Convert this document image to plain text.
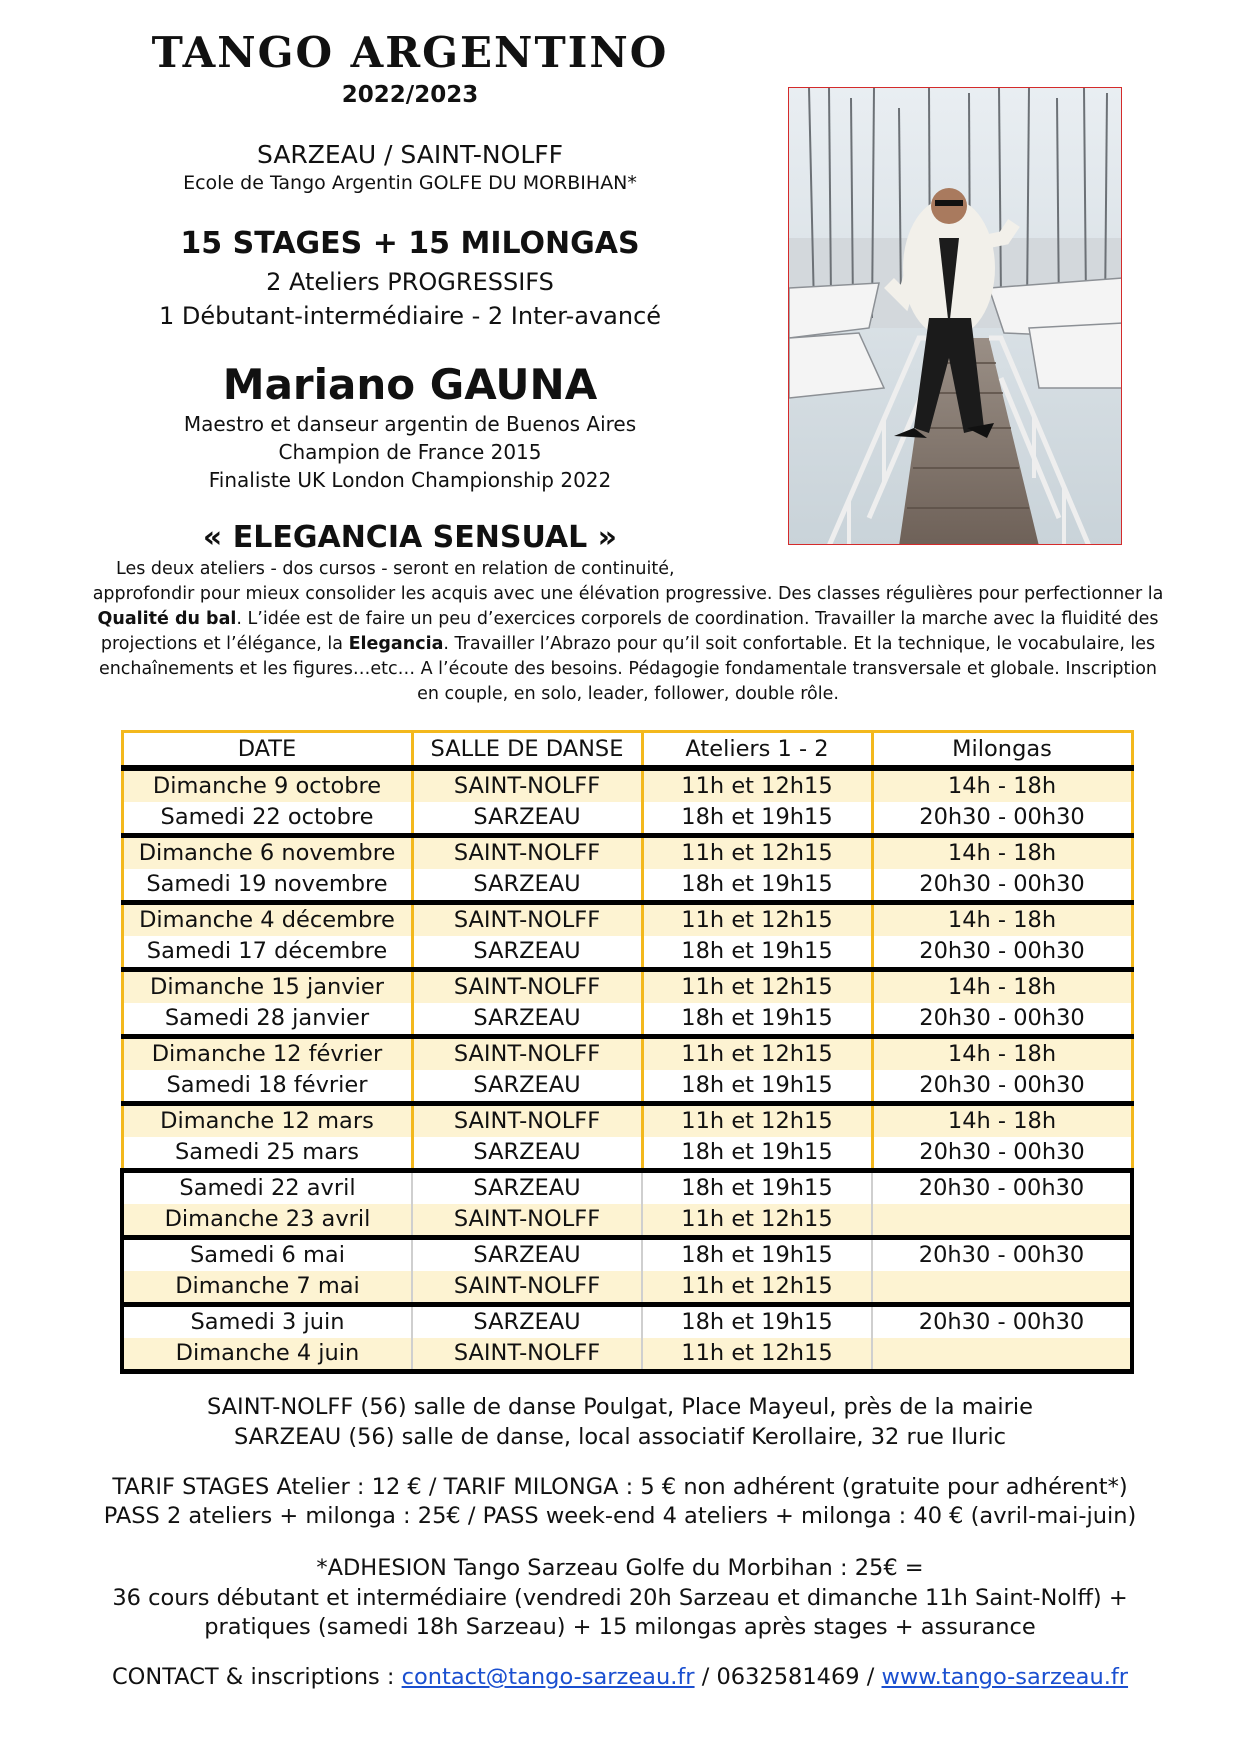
TANGO ARGENTINO
2022/2023
SARZEAU / SAINT-NOLFF
Ecole de Tango Argentin GOLFE DU MORBIHAN*
15 STAGES + 15 MILONGAS
2 Ateliers PROGRESSIFS
1 Débutant-intermédiaire - 2 Inter-avancé
Mariano GAUNA
Maestro et danseur argentin de Buenos Aires
Champion de France 2015
Finaliste UK London Championship 2022
« ELEGANCIA SENSUAL »
Les deux ateliers - dos cursos - seront en relation de continuité,
approfondir pour mieux consolider les acquis avec une élévation progressive. Des classes régulières pour perfectionner la Qualité du bal. L’idée est de faire un peu d’exercices corporels de coordination. Travailler la marche avec la fluidité des projections et l’élégance, la Elegancia. Travailler l’Abrazo pour qu’il soit confortable. Et la technique, le vocabulaire, les enchaînements et les figures…etc… A l’écoute des besoins. Pédagogie fondamentale transversale et globale. Inscription en couple, en solo, leader, follower, double rôle.
DATE	SALLE DE DANSE	Ateliers 1 - 2	Milongas
Dimanche 9 octobre	SAINT-NOLFF	11h et 12h15	14h - 18h
Samedi 22 octobre	SARZEAU	18h et 19h15	20h30 - 00h30
Dimanche 6 novembre	SAINT-NOLFF	11h et 12h15	14h - 18h
Samedi 19 novembre	SARZEAU	18h et 19h15	20h30 - 00h30
Dimanche 4 décembre	SAINT-NOLFF	11h et 12h15	14h - 18h
Samedi 17 décembre	SARZEAU	18h et 19h15	20h30 - 00h30
Dimanche 15 janvier	SAINT-NOLFF	11h et 12h15	14h - 18h
Samedi 28 janvier	SARZEAU	18h et 19h15	20h30 - 00h30
Dimanche 12 février	SAINT-NOLFF	11h et 12h15	14h - 18h
Samedi 18 février	SARZEAU	18h et 19h15	20h30 - 00h30
Dimanche 12 mars	SAINT-NOLFF	11h et 12h15	14h - 18h
Samedi 25 mars	SARZEAU	18h et 19h15	20h30 - 00h30
Samedi 22 avril	SARZEAU	18h et 19h15	20h30 - 00h30
Dimanche 23 avril	SAINT-NOLFF	11h et 12h15	
Samedi 6 mai	SARZEAU	18h et 19h15	20h30 - 00h30
Dimanche 7 mai	SAINT-NOLFF	11h et 12h15	
Samedi 3 juin	SARZEAU	18h et 19h15	20h30 - 00h30
Dimanche 4 juin	SAINT-NOLFF	11h et 12h15	
SAINT-NOLFF (56) salle de danse Poulgat, Place Mayeul, près de la mairie
SARZEAU (56) salle de danse, local associatif Kerollaire, 32 rue Iluric
TARIF STAGES Atelier : 12 € / TARIF MILONGA : 5 € non adhérent (gratuite pour adhérent*)
PASS 2 ateliers + milonga : 25€ / PASS week-end 4 ateliers + milonga : 40 € (avril-mai-juin)
*ADHESION Tango Sarzeau Golfe du Morbihan : 25€ =
36 cours débutant et intermédiaire (vendredi 20h Sarzeau et dimanche 11h Saint-Nolff) +
pratiques (samedi 18h Sarzeau) + 15 milongas après stages + assurance
CONTACT & inscriptions : contact@tango-sarzeau.fr / 0632581469 / www.tango-sarzeau.fr
